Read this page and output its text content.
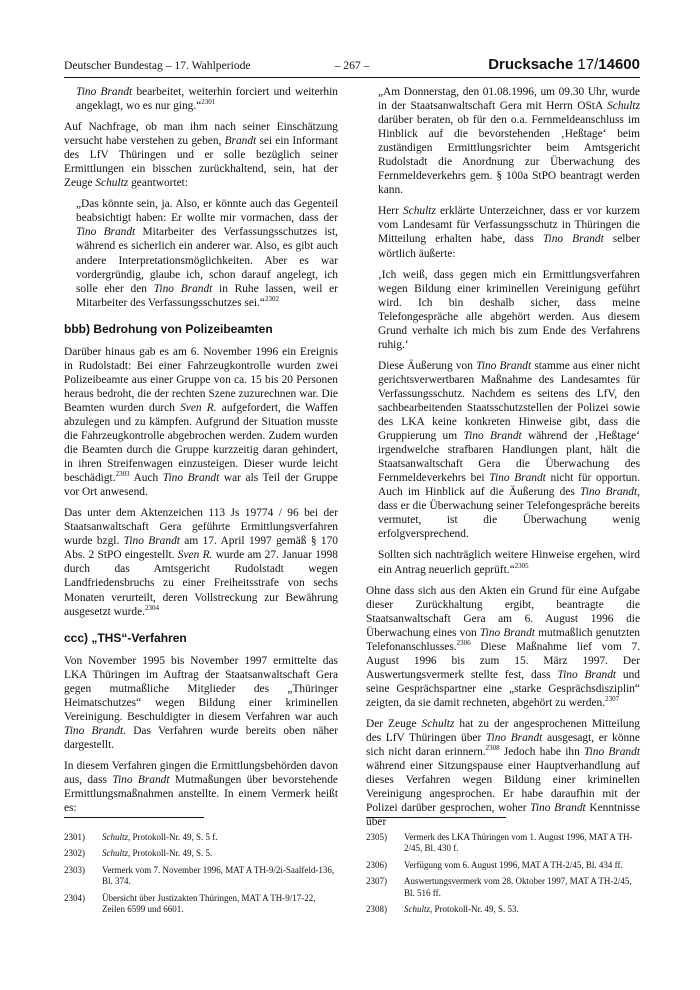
Deutscher Bundestag – 17. Wahlperiode	– 267 –	Drucksache 17/14600

Tino Brandt bearbeitet, weiterhin forciert und weiterhin angeklagt, wo es nur ging.“$^{2301}$

Auf Nachfrage, ob man ihm nach seiner Einschätzung versucht habe verstehen zu geben, Brandt sei ein Informant des LfV Thüringen und er solle bezüglich seiner Ermittlungen ein bisschen zurückhaltend, sein, hat der Zeuge Schultz geantwortet:

„Das könnte sein, ja. Also, er könnte auch das Gegenteil beabsichtigt haben: Er wollte mir vormachen, dass der Tino Brandt Mitarbeiter des Verfassungsschutzes ist, während es sicherlich ein anderer war. Also, es gibt auch andere Interpretationsmöglichkeiten. Aber es war vordergründig, glaube ich, schon darauf angelegt, ich solle eher den Tino Brandt in Ruhe lassen, weil er Mitarbeiter des Verfassungsschutzes sei.“$^{2302}$

bbb) Bedrohung von Polizeibeamten

Darüber hinaus gab es am 6. November 1996 ein Ereignis in Rudolstadt: Bei einer Fahrzeugkontrolle wurden zwei Polizeibeamte aus einer Gruppe von ca. 15 bis 20 Personen heraus bedroht, die der rechten Szene zuzurechnen war. Die Beamten wurden durch Sven R. aufgefordert, die Waffen abzulegen und zu kämpfen. Aufgrund der Situation musste die Fahrzeugkontrolle abgebrochen werden. Zudem wurden die Beamten durch die Gruppe kurzzeitig daran gehindert, in ihren Streifenwagen einzusteigen. Dieser wurde leicht beschädigt.$^{2303}$ Auch Tino Brandt war als Teil der Gruppe vor Ort anwesend.

Das unter dem Aktenzeichen 113 Js 19774 / 96 bei der Staatsanwaltschaft Gera geführte Ermittlungsverfahren wurde bzgl. Tino Brandt am 17. April 1997 gemäß § 170 Abs. 2 StPO eingestellt. Sven R. wurde am 27. Januar 1998 durch das Amtsgericht Rudolstadt wegen Landfriedensbruchs zu einer Freiheitsstrafe von sechs Monaten verurteilt, deren Vollstreckung zur Bewährung ausgesetzt wurde.$^{2304}$

ccc) „THS“-Verfahren

Von November 1995 bis November 1997 ermittelte das LKA Thüringen im Auftrag der Staatsanwaltschaft Gera gegen mutmaßliche Mitglieder des „Thüringer Heimatschutzes“ wegen Bildung einer kriminellen Vereinigung. Beschuldigter in diesem Verfahren war auch Tino Brandt. Das Verfahren wurde bereits oben näher dargestellt.

In diesem Verfahren gingen die Ermittlungsbehörden davon aus, dass Tino Brandt Mutmaßungen über bevorstehende Ermittlungsmaßnahmen anstellte. In einem Vermerk heißt es:

„Am Donnerstag, den 01.08.1996, um 09.30 Uhr, wurde in der Staatsanwaltschaft Gera mit Herrn OStA Schultz darüber beraten, ob für den o.a. Fernmeldeanschluss im Hinblick auf die bevorstehenden ‚Heßtage‘ beim zuständigen Ermittlungsrichter beim Amtsgericht Rudolstadt die Anordnung zur Überwachung des Fernmeldeverkehrs gem. § 100a StPO beantragt werden kann.

Herr Schultz erklärte Unterzeichner, dass er vor kurzem vom Landesamt für Verfassungsschutz in Thüringen die Mitteilung erhalten habe, dass Tino Brandt selber wörtlich äußerte:

‚Ich weiß, dass gegen mich ein Ermittlungsverfahren wegen Bildung einer kriminellen Vereinigung geführt wird. Ich bin deshalb sicher, dass meine Telefongespräche alle abgehört werden. Aus diesem Grund verhalte ich mich bis zum Ende des Verfahrens ruhig.‘

Diese Äußerung von Tino Brandt stamme aus einer nicht gerichtsverwertbaren Maßnahme des Landesamtes für Verfassungsschutz. Nachdem es seitens des LfV, den sachbearbeitenden Staatsschutzstellen der Polizei sowie des LKA keine konkreten Hinweise gibt, dass die Gruppierung um Tino Brandt während der ‚Heßtage‘ irgendwelche strafbaren Handlungen plant, hält die Staatsanwaltschaft Gera die Überwachung des Fernmeldeverkehrs bei Tino Brandt nicht für opportun. Auch im Hinblick auf die Äußerung des Tino Brandt, dass er die Überwachung seiner Telefongespräche bereits vermutet, ist die Überwachung wenig erfolgversprechend.

Sollten sich nachträglich weitere Hinweise ergehen, wird ein Antrag neuerlich geprüft.“$^{2305}$

Ohne dass sich aus den Akten ein Grund für eine Aufgabe dieser Zurückhaltung ergibt, beantragte die Staatsanwaltschaft Gera am 6. August 1996 die Überwachung eines von Tino Brandt mutmaßlich genutzten Telefonanschlusses.$^{2306}$ Diese Maßnahme lief vom 7. August 1996 bis zum 15. März 1997. Der Auswertungsvermerk stellte fest, dass Tino Brandt und seine Gesprächspartner eine „starke Gesprächsdisziplin“ zeigten, da sie damit rechneten, abgehört zu werden.$^{2307}$

Der Zeuge Schultz hat zu der angesprochenen Mitteilung des LfV Thüringen über Tino Brandt ausgesagt, er könne sich nicht daran erinnern.$^{2308}$ Jedoch habe ihn Tino Brandt während einer Sitzungspause einer Hauptverhandlung auf dieses Verfahren wegen Bildung einer kriminellen Vereinigung angesprochen. Er habe daraufhin mit der Polizei darüber gesprochen, woher Tino Brandt Kenntnisse über

2301)	Schultz, Protokoll-Nr. 49, S. 5 f.
2302)	Schultz, Protokoll-Nr. 49, S. 5.
2303)	Vermerk vom 7. November 1996, MAT A TH-9/2i-Saalfeld-136, Bl. 374.
2304)	Übersicht über Justizakten Thüringen, MAT A TH-9/17-22, Zeilen 6599 und 6601.
2305)	Vermerk des LKA Thüringen vom 1. August 1996, MAT A TH-2/45, Bl. 430 f.
2306)	Verfügung vom 6. August 1996, MAT A TH-2/45, Bl. 434 ff.
2307)	Auswertungsvermerk vom 28. Oktober 1997, MAT A TH-2/45, Bl. 516 ff.
2308)	Schultz, Protokoll-Nr. 49, S. 53.
